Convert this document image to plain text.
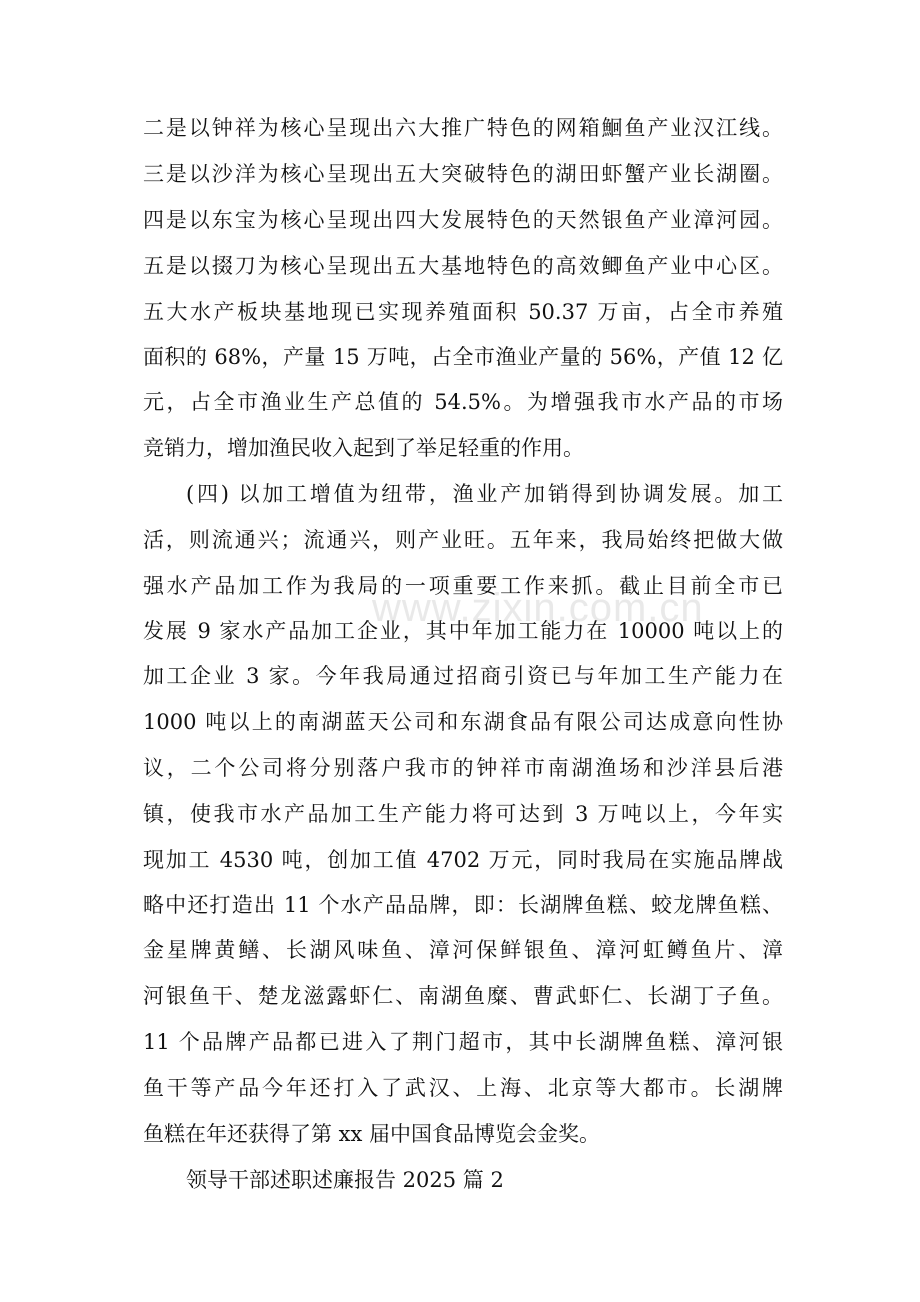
www.zixin.com.cn
二是以钟祥为核心呈现出六大推广特色的网箱鮰鱼产业汉江线。
三是以沙洋为核心呈现出五大突破特色的湖田虾蟹产业长湖圈。
四是以东宝为核心呈现出四大发展特色的天然银鱼产业漳河园。
五是以掇刀为核心呈现出五大基地特色的高效鲫鱼产业中心区。
五大水产板块基地现已实现养殖面积 50.37 万亩，占全市养殖
面积的 68%，产量 15 万吨，占全市渔业产量的 56%，产值 12 亿
元，占全市渔业生产总值的 54.5%。为增强我市水产品的市场
竞销力，增加渔民收入起到了举足轻重的作用。
(四) 以加工增值为纽带，渔业产加销得到协调发展。加工
活，则流通兴；流通兴，则产业旺。五年来，我局始终把做大做
强水产品加工作为我局的一项重要工作来抓。截止目前全市已
发展 9 家水产品加工企业，其中年加工能力在 10000 吨以上的
加工企业 3 家。今年我局通过招商引资已与年加工生产能力在
1000 吨以上的南湖蓝天公司和东湖食品有限公司达成意向性协
议，二个公司将分别落户我市的钟祥市南湖渔场和沙洋县后港
镇，使我市水产品加工生产能力将可达到 3 万吨以上，今年实
现加工 4530 吨，创加工值 4702 万元，同时我局在实施品牌战
略中还打造出 11 个水产品品牌，即：长湖牌鱼糕、蛟龙牌鱼糕、
金星牌黄鳝、长湖风味鱼、漳河保鲜银鱼、漳河虹鳟鱼片、漳
河银鱼干、楚龙滋露虾仁、南湖鱼糜、曹武虾仁、长湖丁子鱼。
11 个品牌产品都已进入了荆门超市，其中长湖牌鱼糕、漳河银
鱼干等产品今年还打入了武汉、上海、北京等大都市。长湖牌
鱼糕在年还获得了第 xx 届中国食品博览会金奖。
领导干部述职述廉报告 2025 篇 2
